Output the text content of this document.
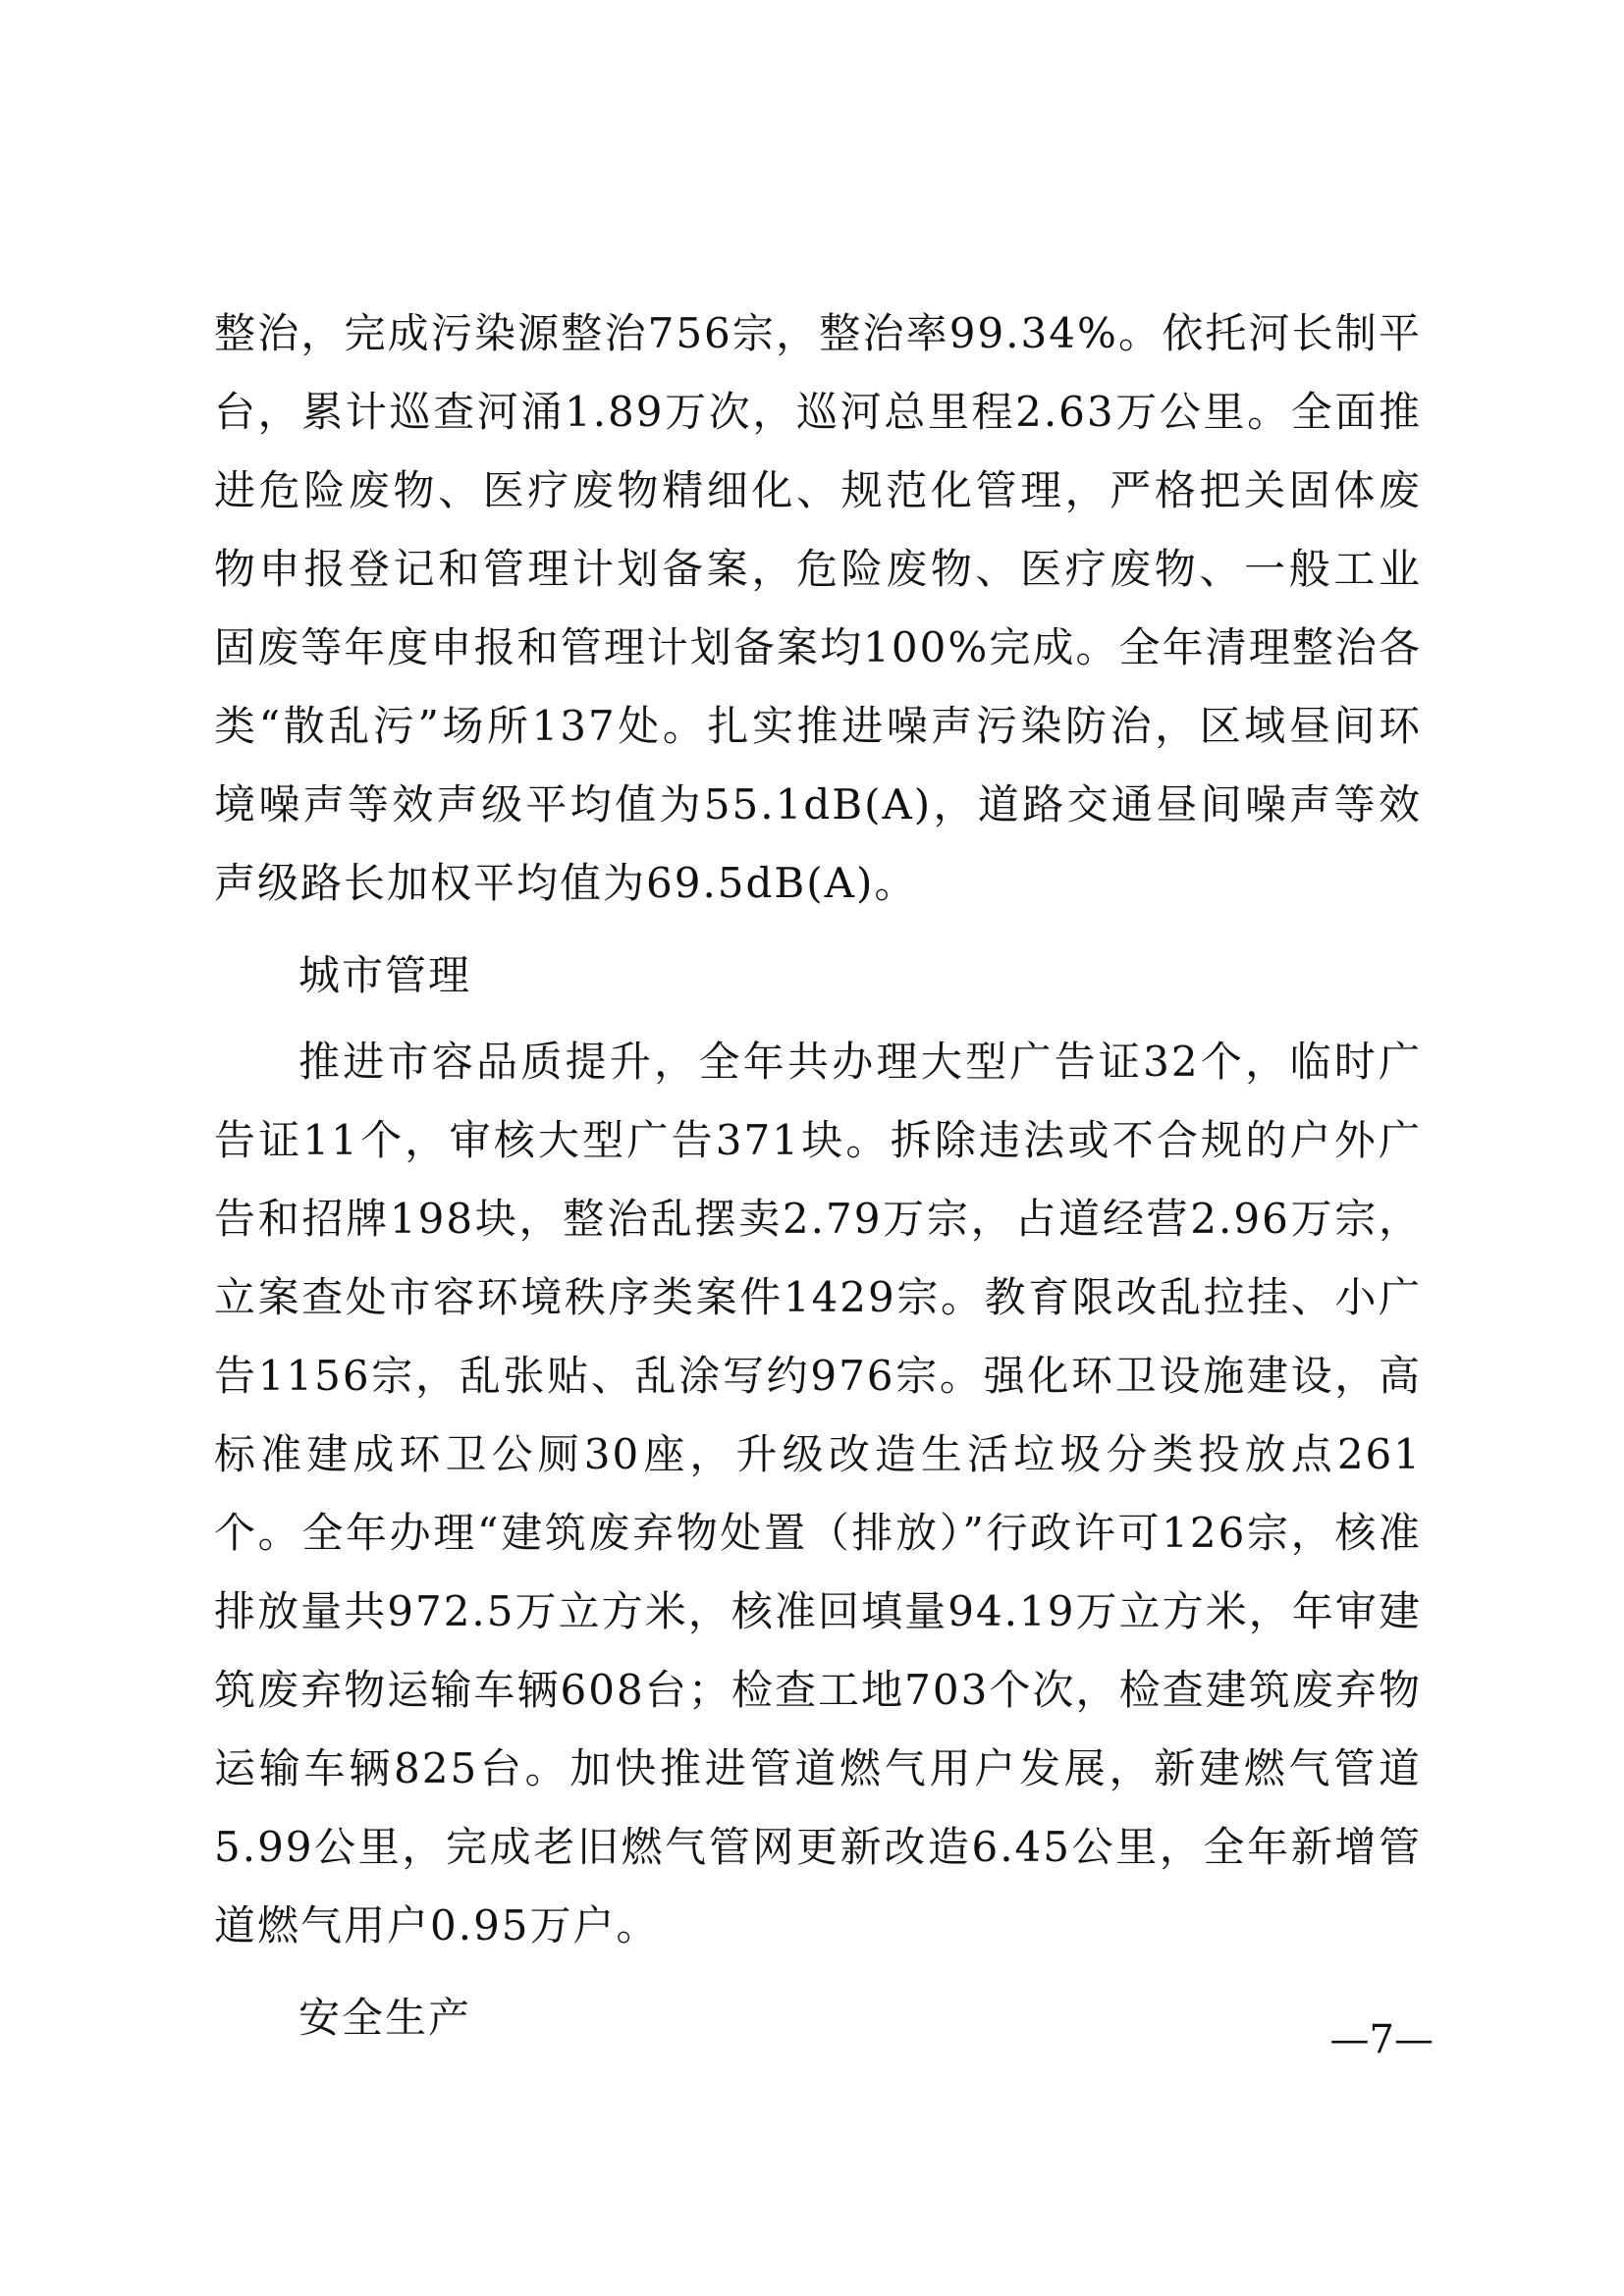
整治，完成污染源整治756宗，整治率99.34%。依托河长制平台，累计巡查河涌1.89万次，巡河总里程2.63万公里。全面推进危险废物、医疗废物精细化、规范化管理，严格把关固体废物申报登记和管理计划备案，危险废物、医疗废物、一般工业固废等年度申报和管理计划备案均100%完成。全年清理整治各类“散乱污”场所137处。扎实推进噪声污染防治，区域昼间环境噪声等效声级平均值为55.1dB(A)，道路交通昼间噪声等效声级路长加权平均值为69.5dB(A)。

城市管理

推进市容品质提升，全年共办理大型广告证32个，临时广告证11个，审核大型广告371块。拆除违法或不合规的户外广告和招牌198块，整治乱摆卖2.79万宗，占道经营2.96万宗，立案查处市容环境秩序类案件1429宗。教育限改乱拉挂、小广告1156宗，乱张贴、乱涂写约976宗。强化环卫设施建设，高标准建成环卫公厕30座，升级改造生活垃圾分类投放点261个。全年办理“建筑废弃物处置（排放）”行政许可126宗，核准排放量共972.5万立方米，核准回填量94.19万立方米，年审建筑废弃物运输车辆608台；检查工地703个次，检查建筑废弃物运输车辆825台。加快推进管道燃气用户发展，新建燃气管道5.99公里，完成老旧燃气管网更新改造6.45公里，全年新增管道燃气用户0.95万户。

安全生产	—7—
